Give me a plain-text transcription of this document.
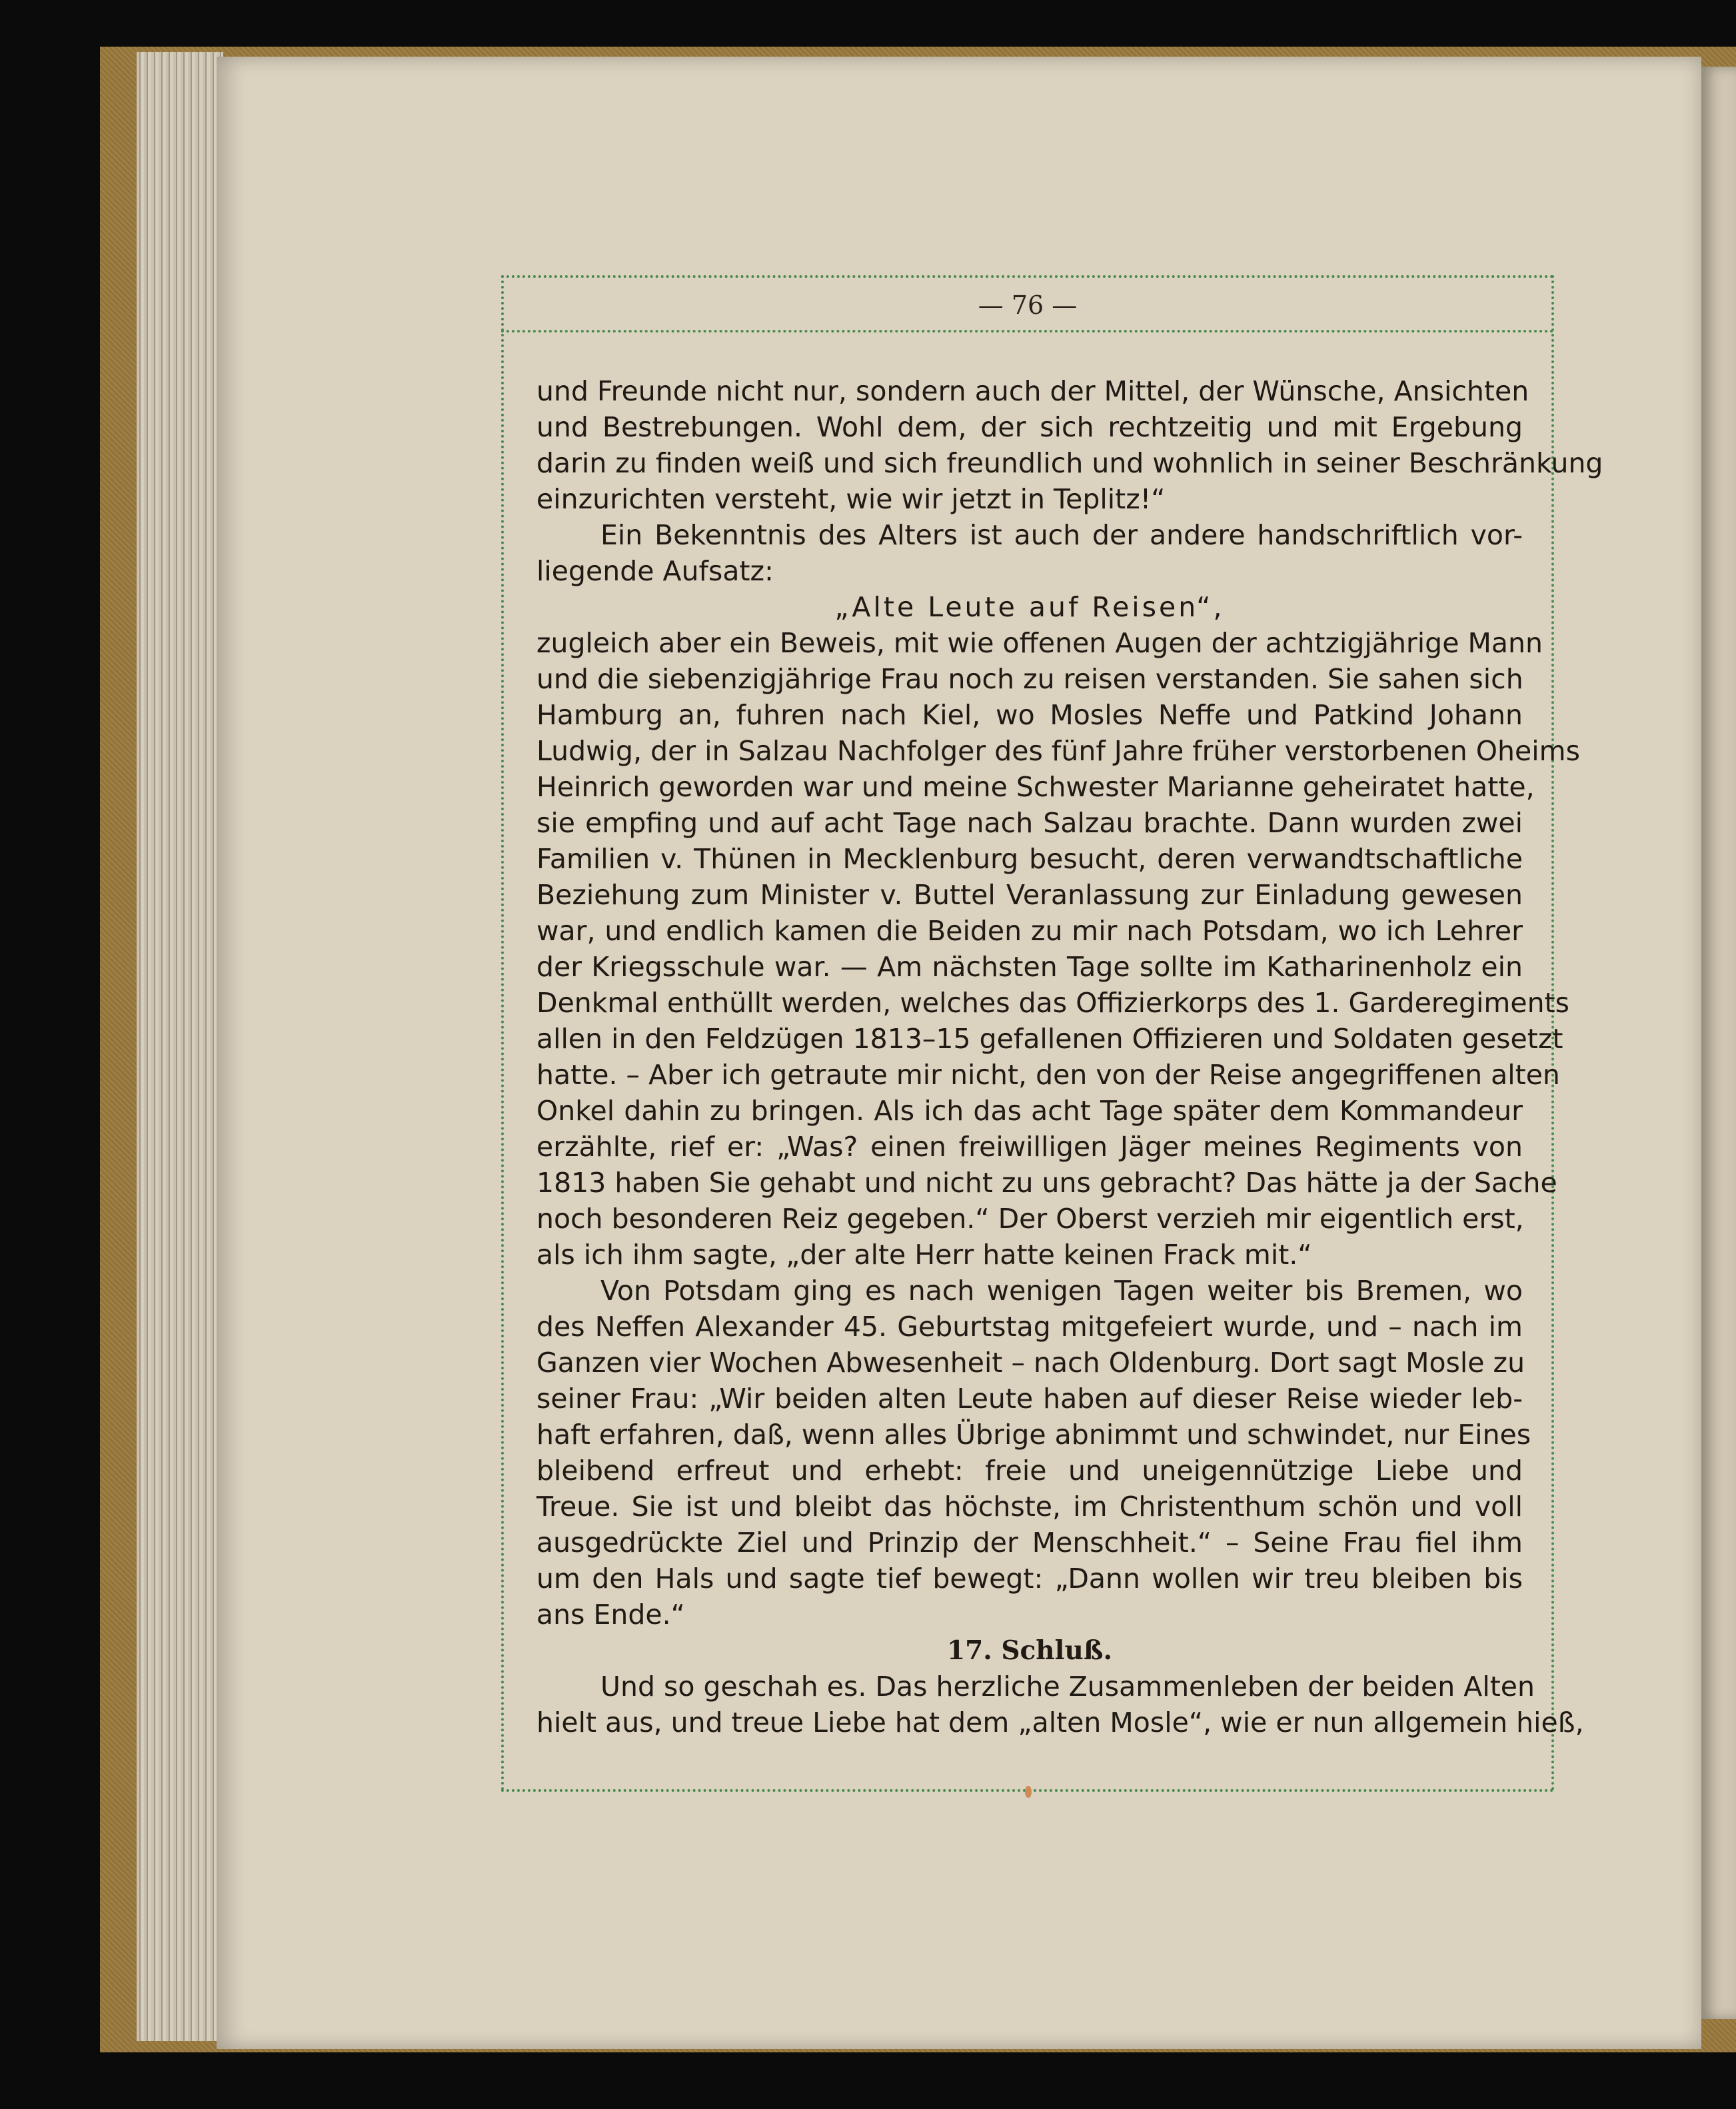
— 76 —
und Freunde nicht nur, sondern auch der Mittel, der Wünsche, Ansichten
und Bestrebungen. Wohl dem, der sich rechtzeitig und mit Ergebung
darin zu finden weiß und sich freundlich und wohnlich in seiner Beschränkung
einzurichten versteht, wie wir jetzt in Teplitz!“
Ein Bekenntnis des Alters ist auch der andere handschriftlich vor-
liegende Aufsatz:
„Alte Leute auf Reisen“,
zugleich aber ein Beweis, mit wie offenen Augen der achtzigjährige Mann
und die siebenzigjährige Frau noch zu reisen verstanden. Sie sahen sich
Hamburg an, fuhren nach Kiel, wo Mosles Neffe und Patkind Johann
Ludwig, der in Salzau Nachfolger des fünf Jahre früher verstorbenen Oheims
Heinrich geworden war und meine Schwester Marianne geheiratet hatte,
sie empfing und auf acht Tage nach Salzau brachte. Dann wurden zwei
Familien v. Thünen in Mecklenburg besucht, deren verwandtschaftliche
Beziehung zum Minister v. Buttel Veranlassung zur Einladung gewesen
war, und endlich kamen die Beiden zu mir nach Potsdam, wo ich Lehrer
der Kriegsschule war. — Am nächsten Tage sollte im Katharinenholz ein
Denkmal enthüllt werden, welches das Offizierkorps des 1. Garderegiments
allen in den Feldzügen 1813–15 gefallenen Offizieren und Soldaten gesetzt
hatte. – Aber ich getraute mir nicht, den von der Reise angegriffenen alten
Onkel dahin zu bringen. Als ich das acht Tage später dem Kommandeur
erzählte, rief er: „Was? einen freiwilligen Jäger meines Regiments von
1813 haben Sie gehabt und nicht zu uns gebracht? Das hätte ja der Sache
noch besonderen Reiz gegeben.“ Der Oberst verzieh mir eigentlich erst,
als ich ihm sagte, „der alte Herr hatte keinen Frack mit.“
Von Potsdam ging es nach wenigen Tagen weiter bis Bremen, wo
des Neffen Alexander 45. Geburtstag mitgefeiert wurde, und – nach im
Ganzen vier Wochen Abwesenheit – nach Oldenburg. Dort sagt Mosle zu
seiner Frau: „Wir beiden alten Leute haben auf dieser Reise wieder leb-
haft erfahren, daß, wenn alles Übrige abnimmt und schwindet, nur Eines
bleibend erfreut und erhebt: freie und uneigennützige Liebe und
Treue. Sie ist und bleibt das höchste, im Christenthum schön und voll
ausgedrückte Ziel und Prinzip der Menschheit.“ – Seine Frau fiel ihm
um den Hals und sagte tief bewegt: „Dann wollen wir treu bleiben bis
ans Ende.“
17. Schluß.
Und so geschah es. Das herzliche Zusammenleben der beiden Alten
hielt aus, und treue Liebe hat dem „alten Mosle“, wie er nun allgemein hieß,
